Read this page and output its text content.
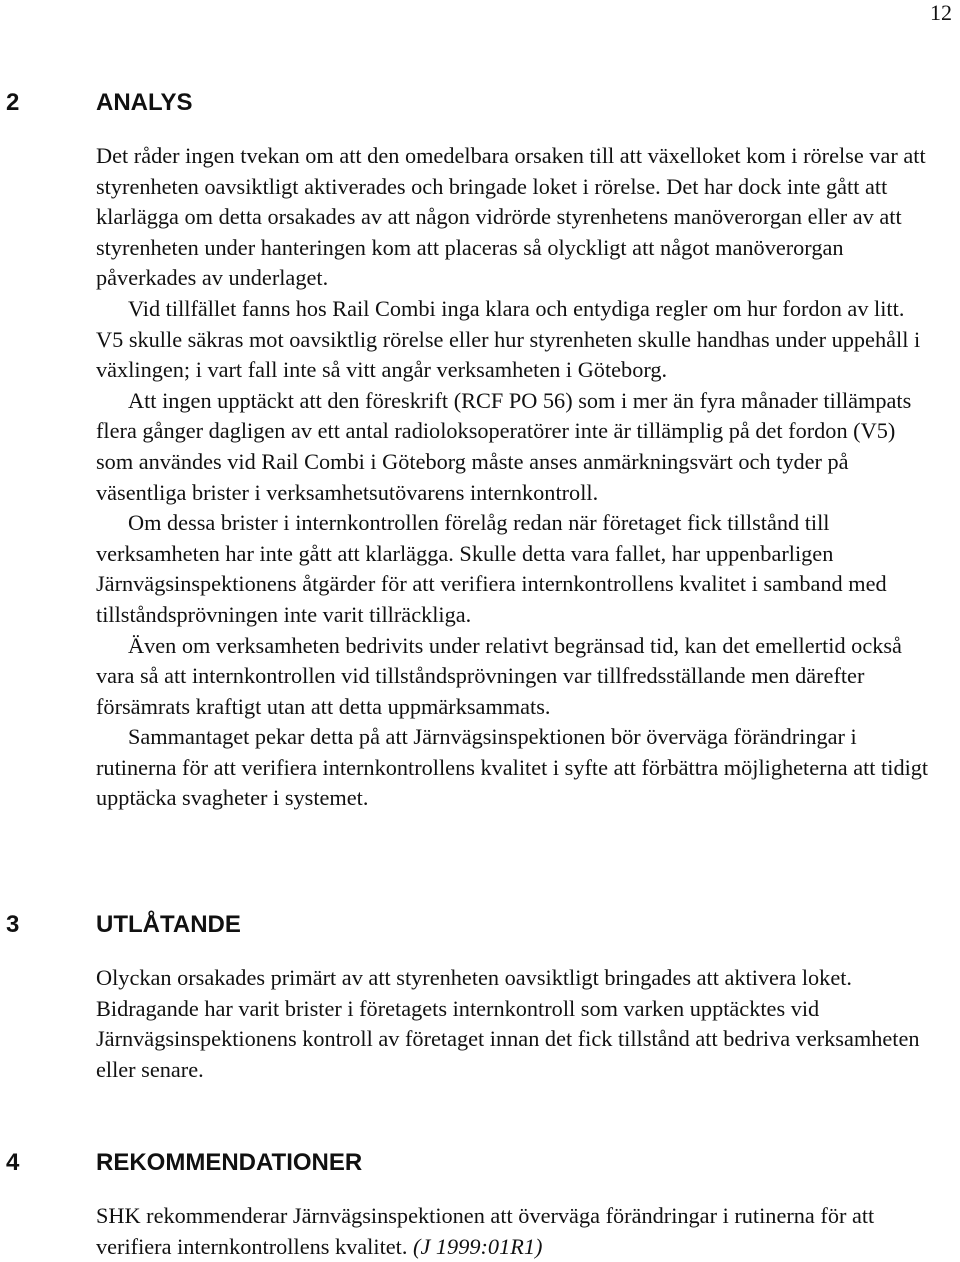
12
2	ANALYS

Det råder ingen tvekan om att den omedelbara orsaken till att växelloket kom i rörelse var att styrenheten oavsiktligt aktiverades och bringade loket i rörelse. Det har dock inte gått att klarlägga om detta orsakades av att någon vidrörde styrenhetens manöverorgan eller av att styrenheten under hanteringen kom att placeras så olyckligt att något manöverorgan påverkades av underlaget.

Vid tillfället fanns hos Rail Combi inga klara och entydiga regler om hur fordon av litt. V5 skulle säkras mot oavsiktlig rörelse eller hur styrenheten skulle handhas under uppehåll i växlingen; i vart fall inte så vitt angår verksamheten i Göteborg.

Att ingen upptäckt att den föreskrift (RCF PO 56) som i mer än fyra månader tillämpats flera gånger dagligen av ett antal radioloksoperatörer inte är tillämplig på det fordon (V5) som användes vid Rail Combi i Göteborg måste anses anmärkningsvärt och tyder på väsentliga brister i verksamhetsutövarens internkontroll.

Om dessa brister i internkontrollen förelåg redan när företaget fick tillstånd till verksamheten har inte gått att klarlägga. Skulle detta vara fallet, har uppenbarligen Järnvägsinspektionens åtgärder för att verifiera internkontrollens kvalitet i samband med tillståndsprövningen inte varit tillräckliga.

Även om verksamheten bedrivits under relativt begränsad tid, kan det emellertid också vara så att internkontrollen vid tillståndsprövningen var tillfredsställande men därefter försämrats kraftigt utan att detta uppmärksammats.

Sammantaget pekar detta på att Järnvägsinspektionen bör överväga förändringar i rutinerna för att verifiera internkontrollens kvalitet i syfte att förbättra möjligheterna att tidigt upptäcka svagheter i systemet.

3	UTLÅTANDE

Olyckan orsakades primärt av att styrenheten oavsiktligt bringades att aktivera loket. Bidragande har varit brister i företagets internkontroll som varken upptäcktes vid Järnvägsinspektionens kontroll av företaget innan det fick tillstånd att bedriva verksamheten eller senare.

4	REKOMMENDATIONER

SHK rekommenderar Järnvägsinspektionen att överväga förändringar i rutinerna för att verifiera internkontrollens kvalitet. (J 1999:01R1)
